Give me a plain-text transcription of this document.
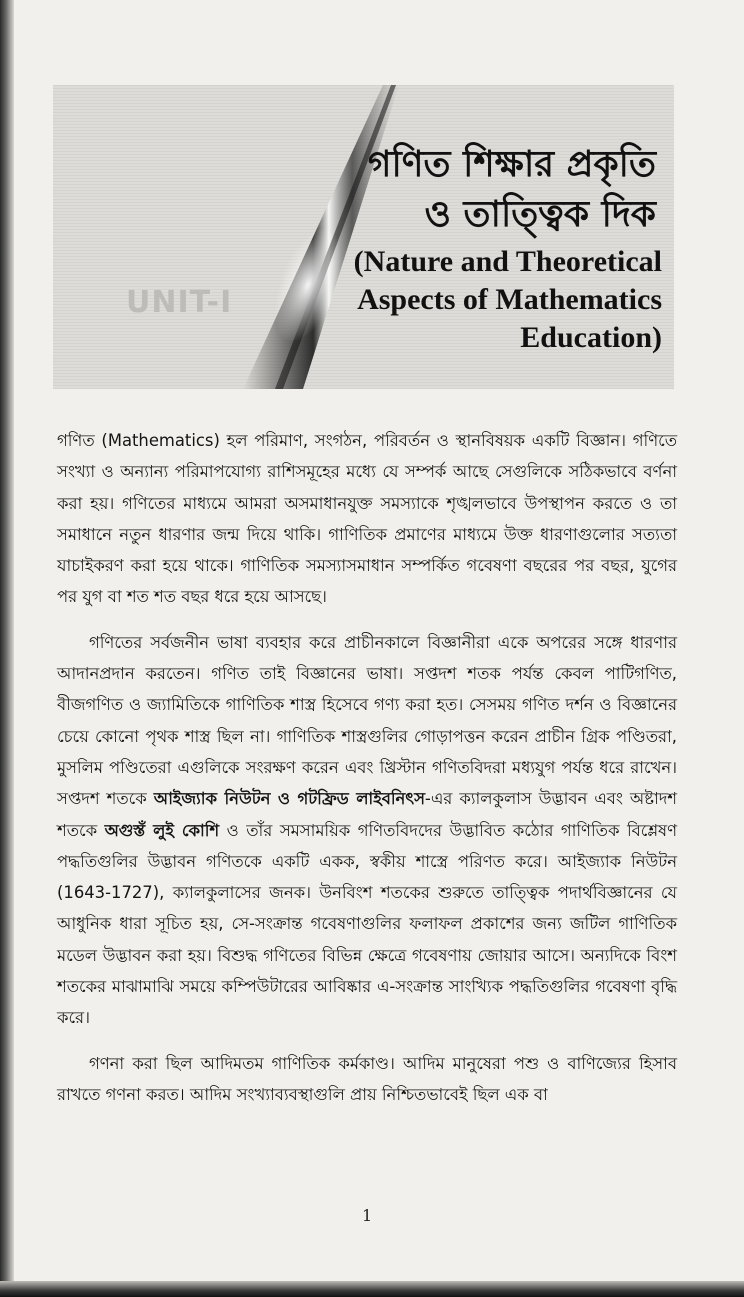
UNIT-I
গণিত শিক্ষার প্রকৃতি
ও তাত্ত্বিক দিক
(Nature and Theoretical
Aspects of Mathematics
Education)

গণিত (Mathematics) হল পরিমাণ, সংগঠন, পরিবর্তন ও স্থানবিষয়ক একটি বিজ্ঞান। গণিতে সংখ্যা ও অন্যান্য পরিমাপযোগ্য রাশিসমূহের মধ্যে যে সম্পর্ক আছে সেগুলিকে সঠিকভাবে বর্ণনা করা হয়। গণিতের মাধ্যমে আমরা অসমাধানযুক্ত সমস্যাকে শৃঙ্খলভাবে উপস্থাপন করতে ও তা সমাধানে নতুন ধারণার জন্ম দিয়ে থাকি। গাণিতিক প্রমাণের মাধ্যমে উক্ত ধারণাগুলোর সত্যতা যাচাইকরণ করা হয়ে থাকে। গাণিতিক সমস্যাসমাধান সম্পর্কিত গবেষণা বছরের পর বছর, যুগের পর যুগ বা শত শত বছর ধরে হয়ে আসছে।

গণিতের সর্বজনীন ভাষা ব্যবহার করে প্রাচীনকালে বিজ্ঞানীরা একে অপরের সঙ্গে ধারণার আদানপ্রদান করতেন। গণিত তাই বিজ্ঞানের ভাষা। সপ্তদশ শতক পর্যন্ত কেবল পাটিগণিত, বীজগণিত ও জ্যামিতিকে গাণিতিক শাস্ত্র হিসেবে গণ্য করা হত। সেসময় গণিত দর্শন ও বিজ্ঞানের চেয়ে কোনো পৃথক শাস্ত্র ছিল না। গাণিতিক শাস্ত্রগুলির গোড়াপত্তন করেন প্রাচীন গ্রিক পণ্ডিতরা, মুসলিম পণ্ডিতেরা এগুলিকে সংরক্ষণ করেন এবং খ্রিস্টান গণিতবিদরা মধ্যযুগ পর্যন্ত ধরে রাখেন। সপ্তদশ শতকে আইজ্যাক নিউটন ও গটফ্রিড লাইবনিৎস-এর ক্যালকুলাস উদ্ভাবন এবং অষ্টাদশ শতকে অগুস্তঁ লুই কোশি ও তাঁর সমসাময়িক গণিতবিদদের উদ্ভাবিত কঠোর গাণিতিক বিশ্লেষণ পদ্ধতিগুলির উদ্ভাবন গণিতকে একটি একক, স্বকীয় শাস্ত্রে পরিণত করে। আইজ্যাক নিউটন (1643-1727), ক্যালকুলাসের জনক। উনবিংশ শতকের শুরুতে তাত্ত্বিক পদার্থবিজ্ঞানের যে আধুনিক ধারা সূচিত হয়, সে-সংক্রান্ত গবেষণাগুলির ফলাফল প্রকাশের জন্য জটিল গাণিতিক মডেল উদ্ভাবন করা হয়। বিশুদ্ধ গণিতের বিভিন্ন ক্ষেত্রে গবেষণায় জোয়ার আসে। অন্যদিকে বিংশ শতকের মাঝামাঝি সময়ে কম্পিউটারের আবিষ্কার এ-সংক্রান্ত সাংখ্যিক পদ্ধতিগুলির গবেষণা বৃদ্ধি করে।

গণনা করা ছিল আদিমতম গাণিতিক কর্মকাণ্ড। আদিম মানুষেরা পশু ও বাণিজ্যের হিসাব রাখতে গণনা করত। আদিম সংখ্যাব্যবস্থাগুলি প্রায় নিশ্চিতভাবেই ছিল এক বা

1
